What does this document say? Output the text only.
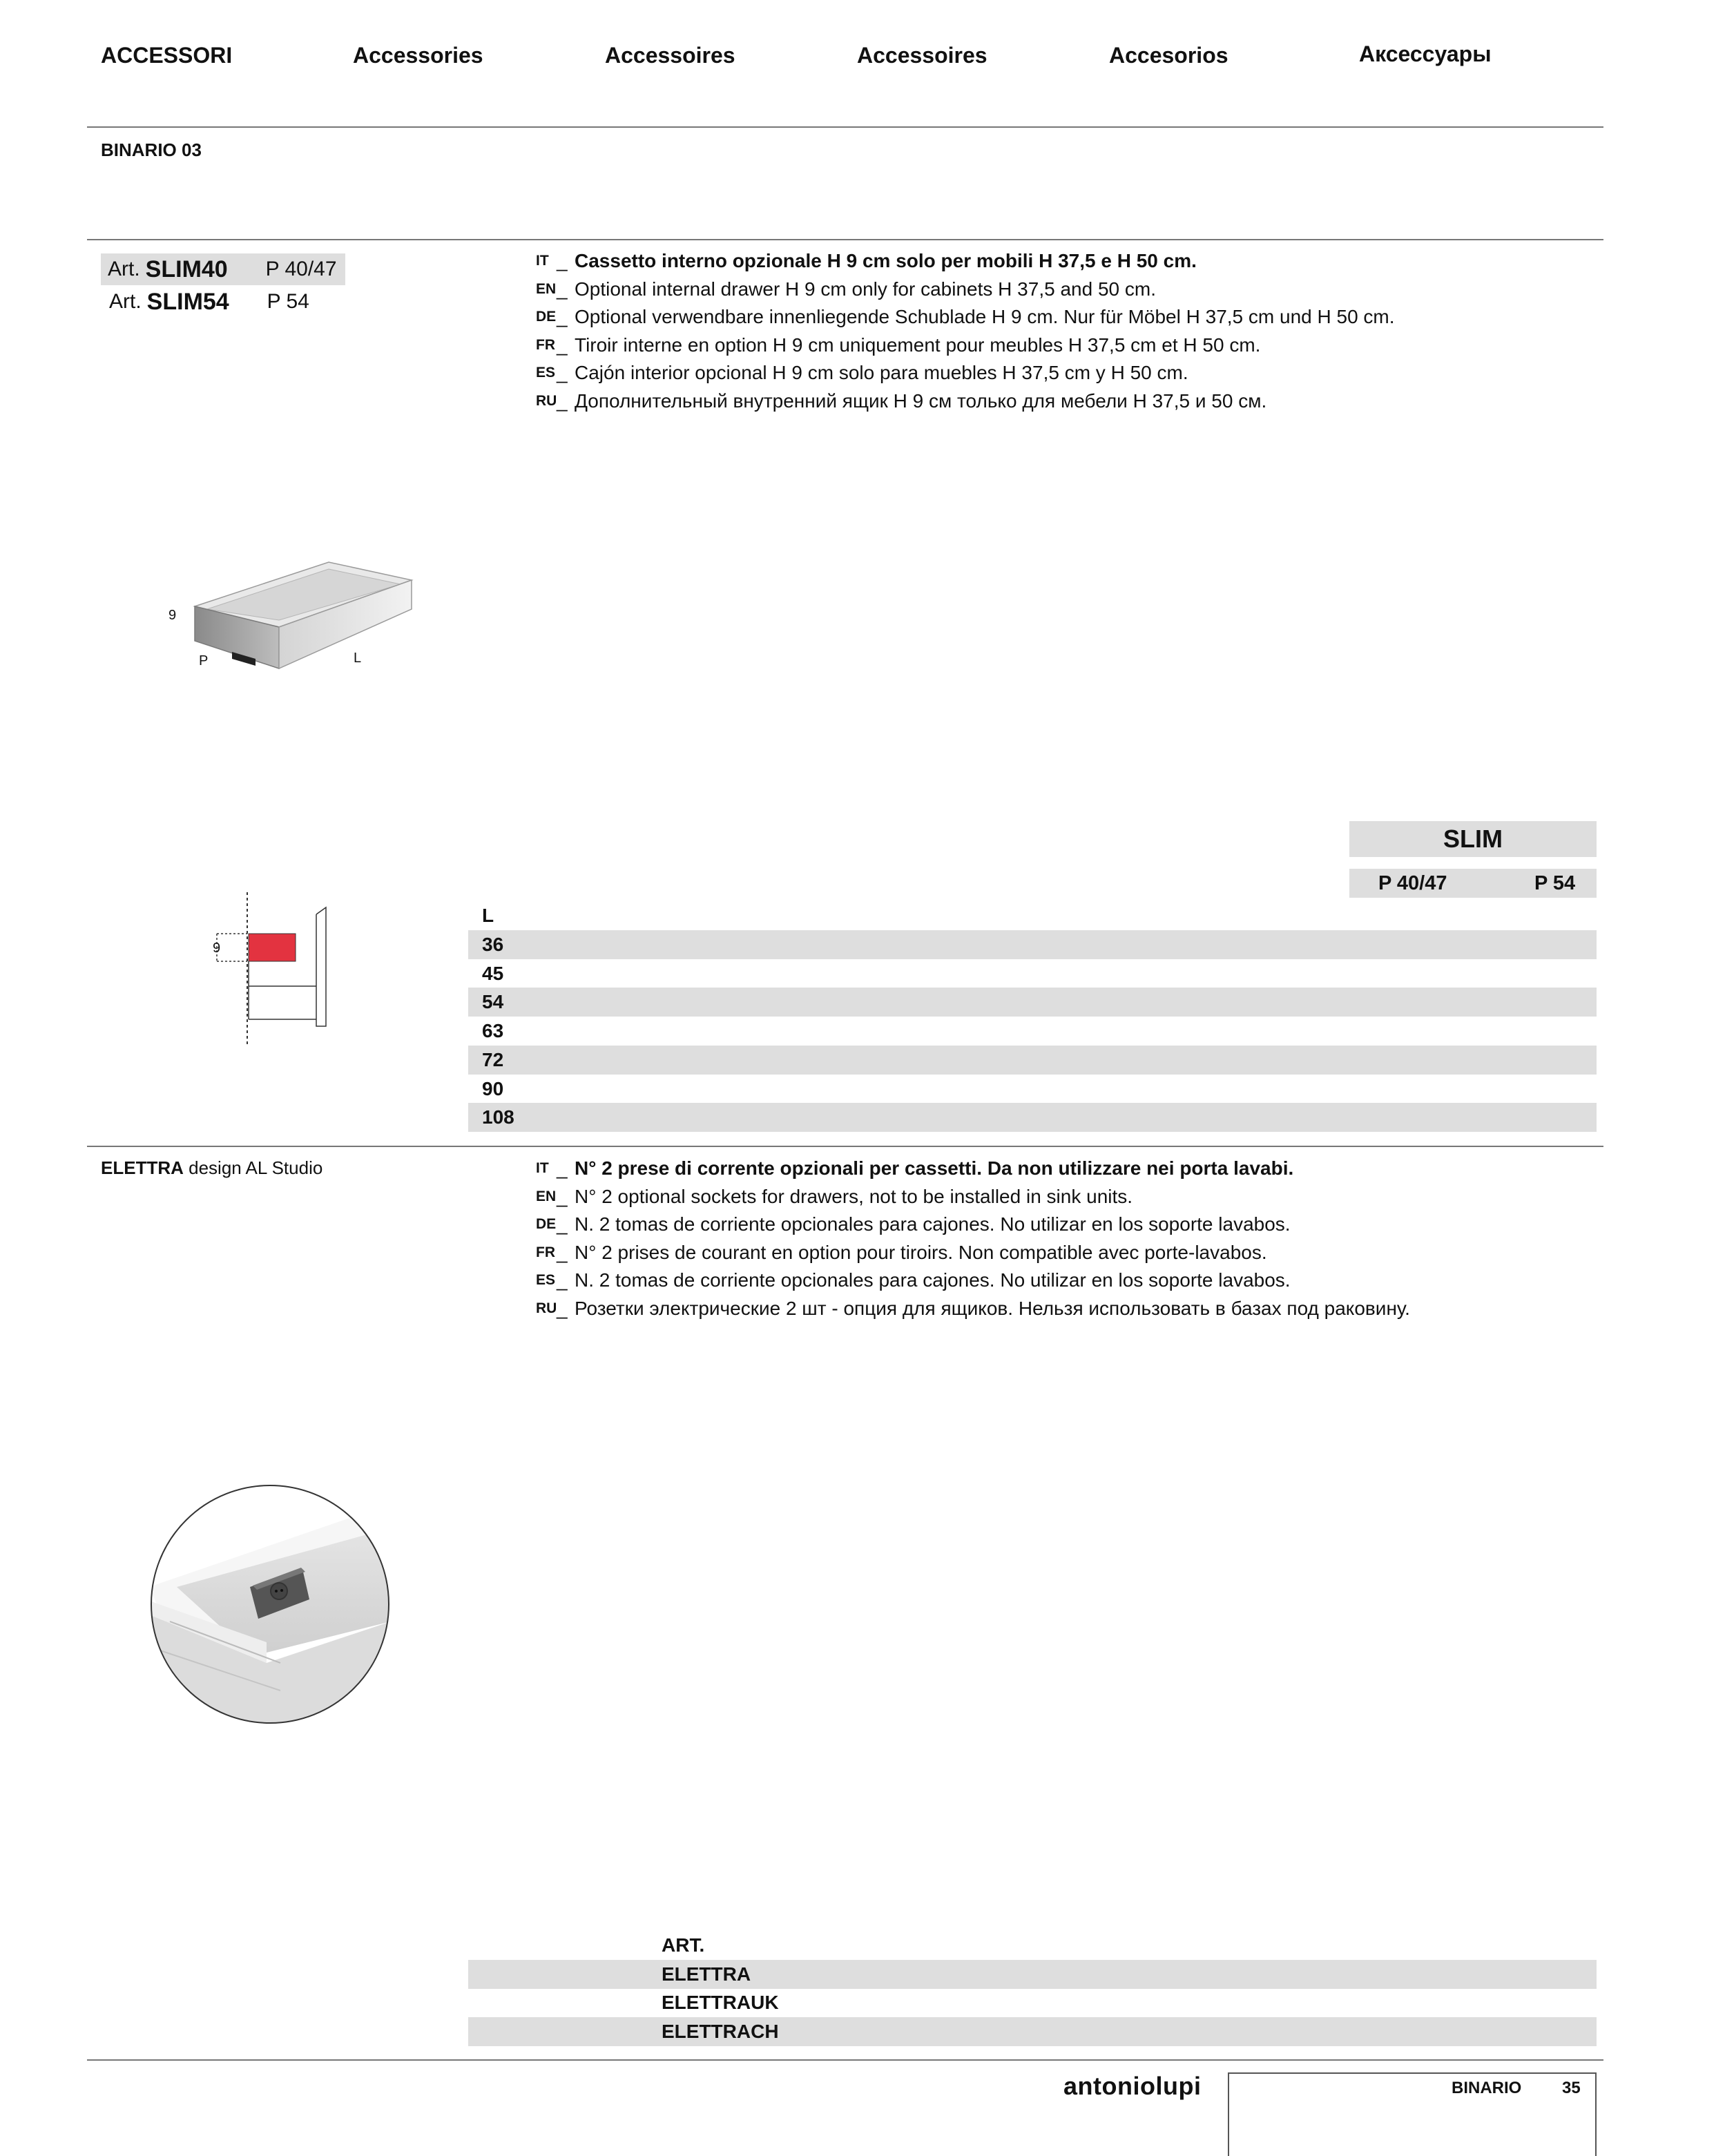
ACCESSORI	Accessories	Accessoires	Accessoires	Accesorios	Аксессуары
BINARIO 03
Art. SLIM40	P 40/47
Art. SLIM54	P 54
IT _ Cassetto interno opzionale H 9 cm solo per mobili H 37,5 e H 50 cm.
EN _ Optional internal drawer H 9 cm only for cabinets H 37,5 and 50 cm.
DE _ Optional verwendbare innenliegende Schublade H 9 cm. Nur für Möbel H 37,5 cm und H 50 cm.
FR _ Tiroir interne en option H 9 cm uniquement pour meubles H 37,5 cm et H 50 cm.
ES _ Cajón interior opcional H 9 cm solo para muebles H 37,5 cm y H 50 cm.
RU _ Дополнительный внутренний ящик H 9 см только для мебели H 37,5 и 50 см.
9
P	L
9
SLIM
P 40/47	P 54
L
36
45
54
63
72
90
108
ELETTRA design AL Studio	IT _ N° 2 prese di corrente opzionali per cassetti. Da non utilizzare nei porta lavabi.
EN _ N° 2 optional sockets for drawers, not to be installed in sink units.
DE _ N. 2 tomas de corriente opcionales para cajones. No utilizar en los soporte lavabos.
FR _ N° 2 prises de courant en option pour tiroirs. Non compatible avec porte-lavabos.
ES _ N. 2 tomas de corriente opcionales para cajones. No utilizar en los soporte lavabos.
RU _ Розетки электрические 2 шт - опция для ящиков. Нельзя использовать в базах под раковину.
ART.
ELETTRA
ELETTRAUK
ELETTRACH
antoniolupi	BINARIO 35
